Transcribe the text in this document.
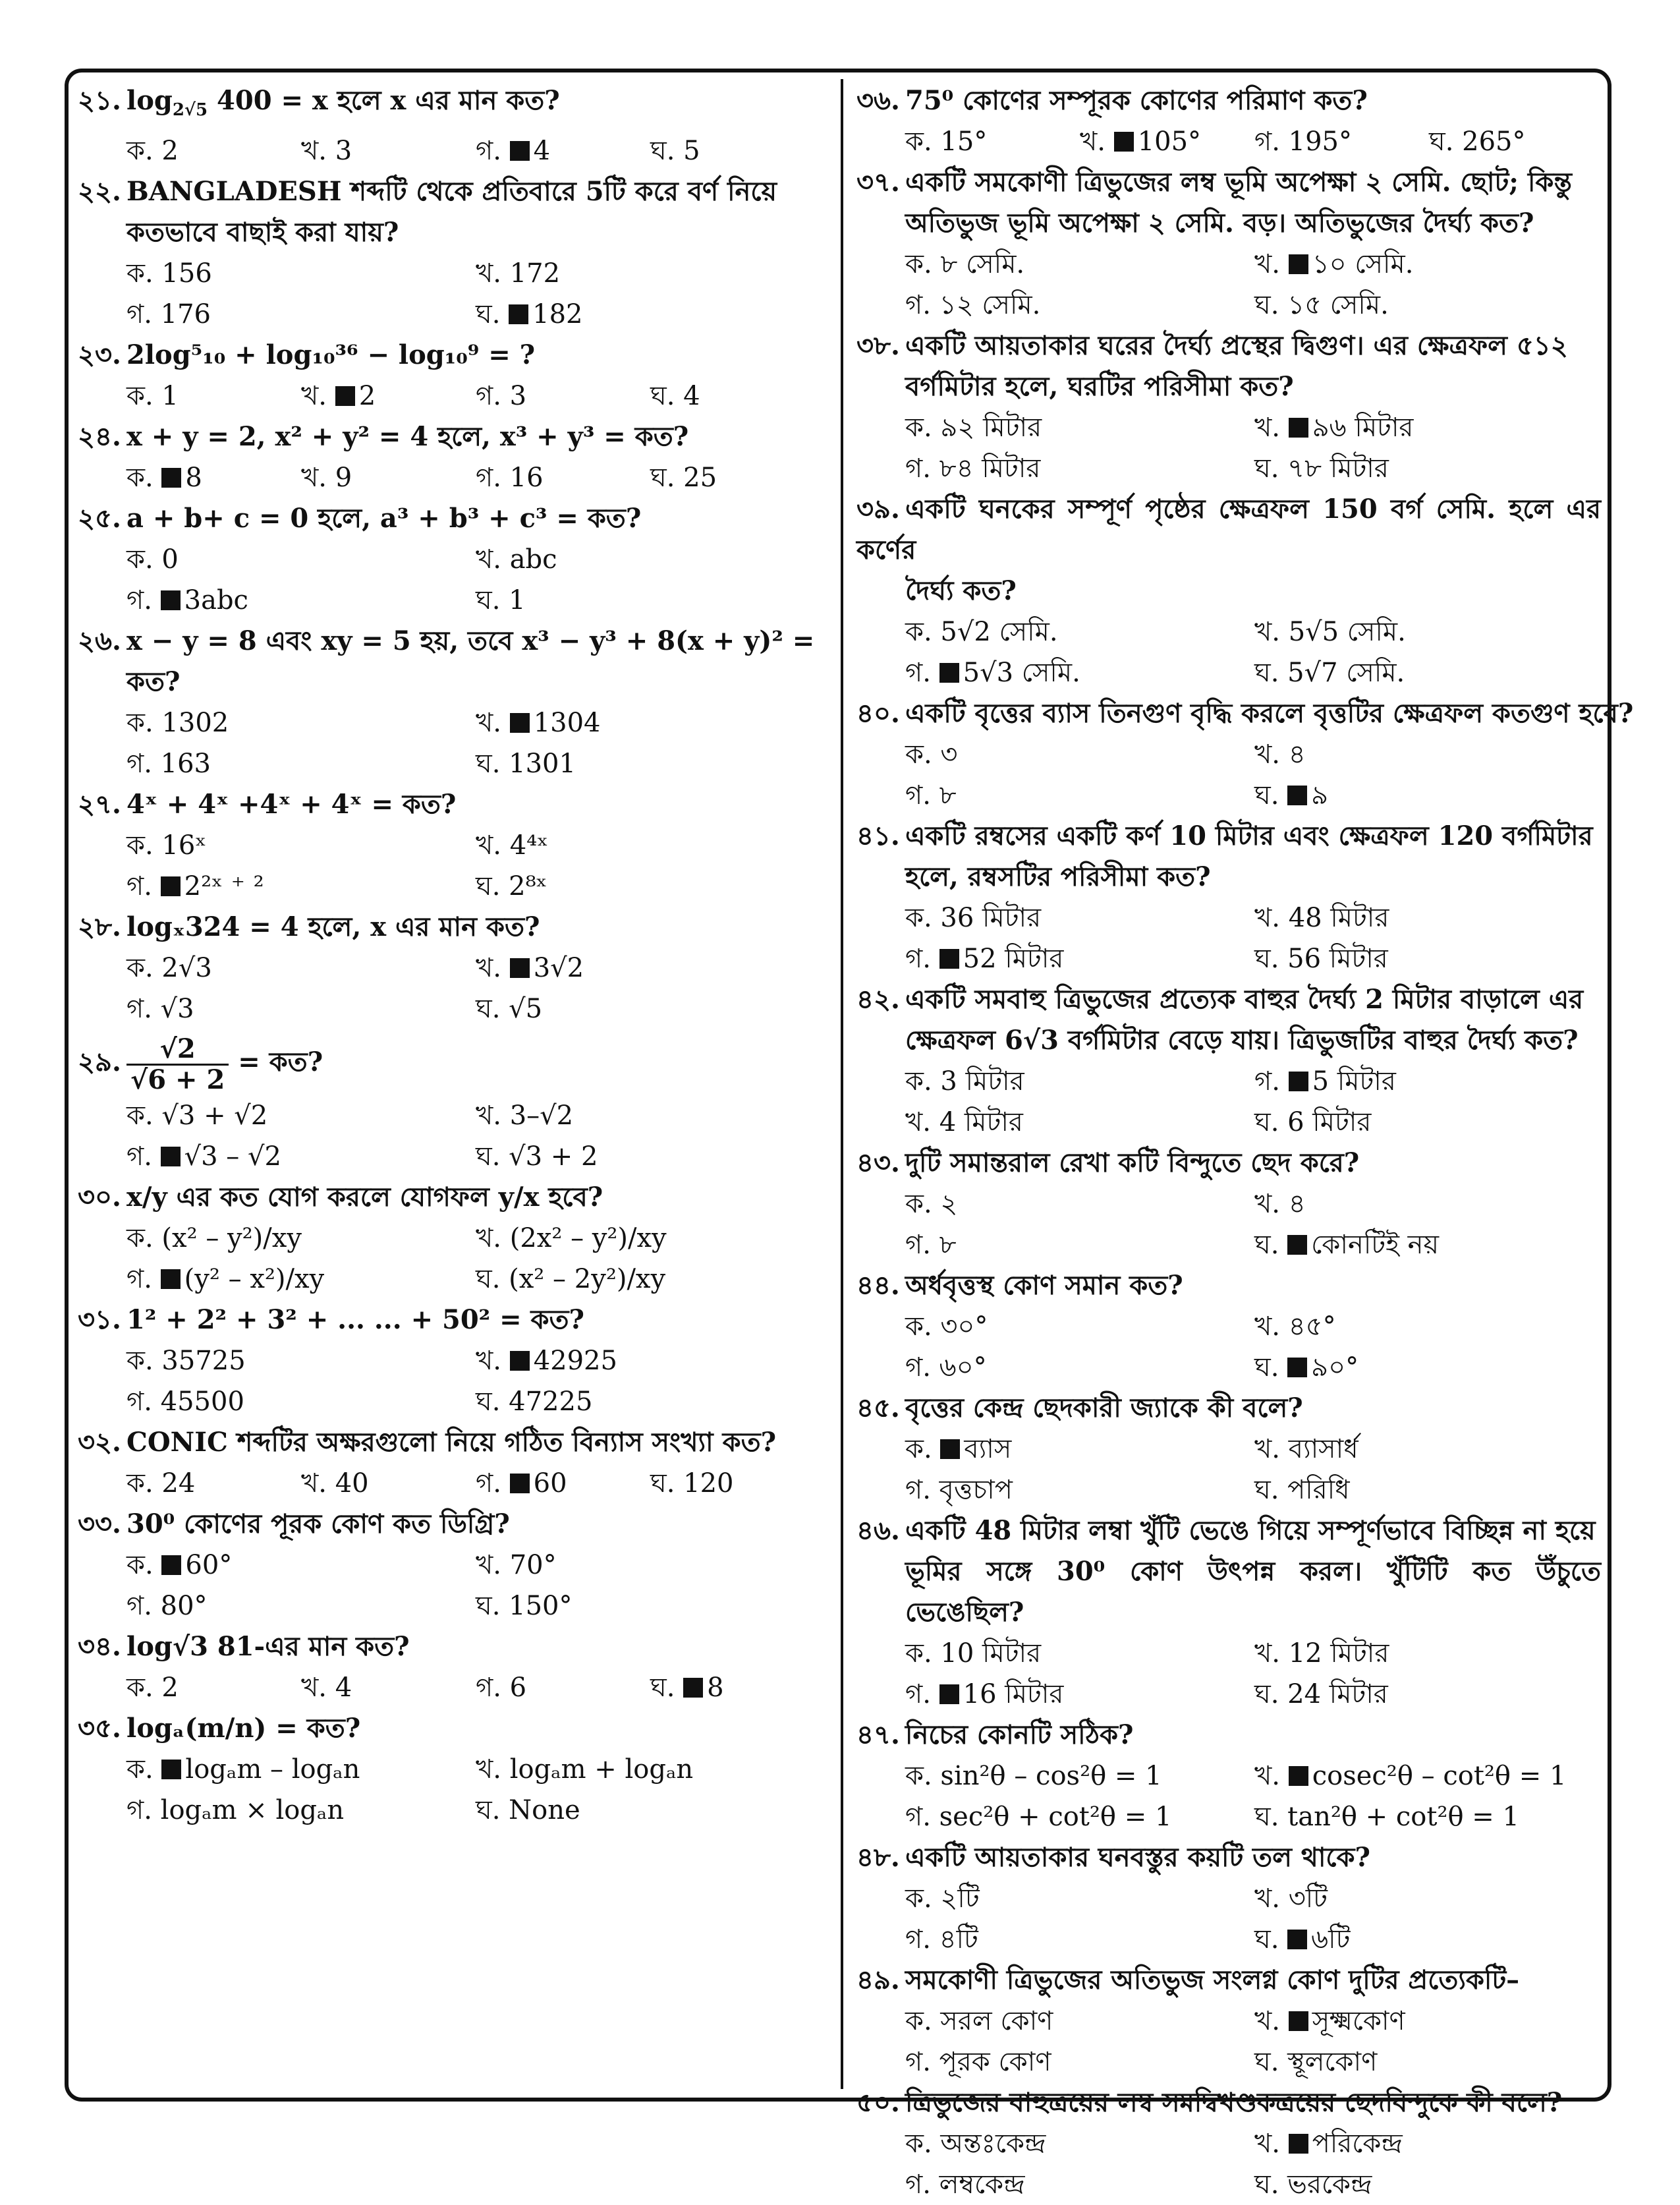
২১. $\log_{2√5} 400 = x$ হলে x এর মান কত?
ক. 2	খ. 3	গ. 4	ঘ. 5
২২. BANGLADESH শব্দটি থেকে প্রতিবারে 5টি করে বর্ণ নিয়ে
কতভাবে বাছাই করা যায়?
ক. 156	খ. 172
গ. 176	ঘ. 182
২৩. 2log⁵₁₀ + log₁₀³⁶ − log₁₀⁹ = ?
ক. 1	খ. 2	গ. 3	ঘ. 4
২৪. x + y = 2, x² + y² = 4 হলে, x³ + y³ = কত?
ক. 8	খ. 9	গ. 16	ঘ. 25
২৫. a + b+ c = 0 হলে, a³ + b³ + c³ = কত?
ক. 0	খ. abc
গ. 3abc	ঘ. 1
২৬. x − y = 8 এবং xy = 5 হয়, তবে x³ − y³ + 8(x + y)² =
কত?
ক. 1302	খ. 1304
গ. 163	ঘ. 1301
২৭. 4ˣ + 4ˣ +4ˣ + 4ˣ = কত?
ক. 16ˣ	খ. 4⁴ˣ
গ. 2²ˣ ⁺ ²	ঘ. 2⁸ˣ
২৮. logₓ324 = 4 হলে, x এর মান কত?
ক. 2√3	খ. 3√2
গ. √3	ঘ. √5
২৯. $\frac{√2}{√6 + 2}$ = কত?
ক. √3 + √2	খ. 3–√2
গ. √3 – √2	ঘ. √3 + 2
৩০. x/y এর কত যোগ করলে যোগফল y/x হবে?
ক. (x² – y²)/xy	খ. (2x² – y²)/xy
গ. (y² – x²)/xy	ঘ. (x² – 2y²)/xy
৩১. 1² + 2² + 3² + ... ... + 50² = কত?
ক. 35725	খ. 42925
গ. 45500	ঘ. 47225
৩২. CONIC শব্দটির অক্ষরগুলো নিয়ে গঠিত বিন্যাস সংখ্যা কত?
ক. 24	খ. 40	গ. 60	ঘ. 120
৩৩. 30⁰ কোণের পূরক কোণ কত ডিগ্রি?
ক. 60°	খ. 70°
গ. 80°	ঘ. 150°
৩৪. log√3 81-এর মান কত?
ক. 2	খ. 4	গ. 6	ঘ. 8
৩৫. logₐ(m/n) = কত?
ক. logₐm – logₐn	খ. logₐm + logₐn
গ. logₐm × logₐn	ঘ. None
৩৬. 75⁰ কোণের সম্পূরক কোণের পরিমাণ কত?
ক. 15°	খ. 105°	গ. 195°	ঘ. 265°
৩৭. একটি সমকোণী ত্রিভুজের লম্ব ভূমি অপেক্ষা ২ সেমি. ছোট; কিন্তু
অতিভুজ ভূমি অপেক্ষা ২ সেমি. বড়। অতিভুজের দৈর্ঘ্য কত?
ক. ৮ সেমি.	খ. ১০ সেমি.
গ. ১২ সেমি.	ঘ. ১৫ সেমি.
৩৮. একটি আয়তাকার ঘরের দৈর্ঘ্য প্রস্থের দ্বিগুণ। এর ক্ষেত্রফল ৫১২
বর্গমিটার হলে, ঘরটির পরিসীমা কত?
ক. ৯২ মিটার	খ. ৯৬ মিটার
গ. ৮৪ মিটার	ঘ. ৭৮ মিটার
৩৯. একটি ঘনকের সম্পূর্ণ পৃষ্ঠের ক্ষেত্রফল 150 বর্গ সেমি. হলে এর কর্ণের
দৈর্ঘ্য কত?
ক. 5√2 সেমি.	খ. 5√5 সেমি.
গ. 5√3 সেমি.	ঘ. 5√7 সেমি.
৪০. একটি বৃত্তের ব্যাস তিনগুণ বৃদ্ধি করলে বৃত্তটির ক্ষেত্রফল কতগুণ হবে?
ক. ৩	খ. ৪
গ. ৮	ঘ. ৯
৪১. একটি রম্বসের একটি কর্ণ 10 মিটার এবং ক্ষেত্রফল 120 বর্গমিটার
হলে, রম্বসটির পরিসীমা কত?
ক. 36 মিটার	খ. 48 মিটার
গ. 52 মিটার	ঘ. 56 মিটার
৪২. একটি সমবাহু ত্রিভুজের প্রত্যেক বাহুর দৈর্ঘ্য 2 মিটার বাড়ালে এর
ক্ষেত্রফল 6√3 বর্গমিটার বেড়ে যায়। ত্রিভুজটির বাহুর দৈর্ঘ্য কত?
ক. 3 মিটার	গ. 5 মিটার
খ. 4 মিটার	ঘ. 6 মিটার
৪৩. দুটি সমান্তরাল রেখা কটি বিন্দুতে ছেদ করে?
ক. ২	খ. ৪
গ. ৮	ঘ. কোনটিই নয়
৪৪. অর্ধবৃত্তস্থ কোণ সমান কত?
ক. ৩০°	খ. ৪৫°
গ. ৬০°	ঘ. ৯০°
৪৫. বৃত্তের কেন্দ্র ছেদকারী জ্যাকে কী বলে?
ক. ব্যাস	খ. ব্যাসার্ধ
গ. বৃত্তচাপ	ঘ. পরিধি
৪৬. একটি 48 মিটার লম্বা খুঁটি ভেঙে গিয়ে সম্পূর্ণভাবে বিচ্ছিন্ন না হয়ে
ভূমির সঙ্গে 30⁰ কোণ উৎপন্ন করল। খুঁটিটি কত উঁচুতে ভেঙেছিল?
ক. 10 মিটার	খ. 12 মিটার
গ. 16 মিটার	ঘ. 24 মিটার
৪৭. নিচের কোনটি সঠিক?
ক. sin²θ – cos²θ = 1	খ. cosec²θ – cot²θ = 1
গ. sec²θ + cot²θ = 1	ঘ. tan²θ + cot²θ = 1
৪৮. একটি আয়তাকার ঘনবস্তুর কয়টি তল থাকে?
ক. ২টি	খ. ৩টি
গ. ৪টি	ঘ. ৬টি
৪৯. সমকোণী ত্রিভুজের অতিভুজ সংলগ্ন কোণ দুটির প্রত্যেকটি–
ক. সরল কোণ	খ. সূক্ষ্মকোণ
গ. পূরক কোণ	ঘ. স্থূলকোণ
৫০. ত্রিভুজের বাহুত্রয়ের লম্ব সমদ্বিখণ্ডকত্রয়ের ছেদবিন্দুকে কী বলে?
ক. অন্তঃকেন্দ্র	খ. পরিকেন্দ্র
গ. লম্বকেন্দ্র	ঘ. ভরকেন্দ্র
